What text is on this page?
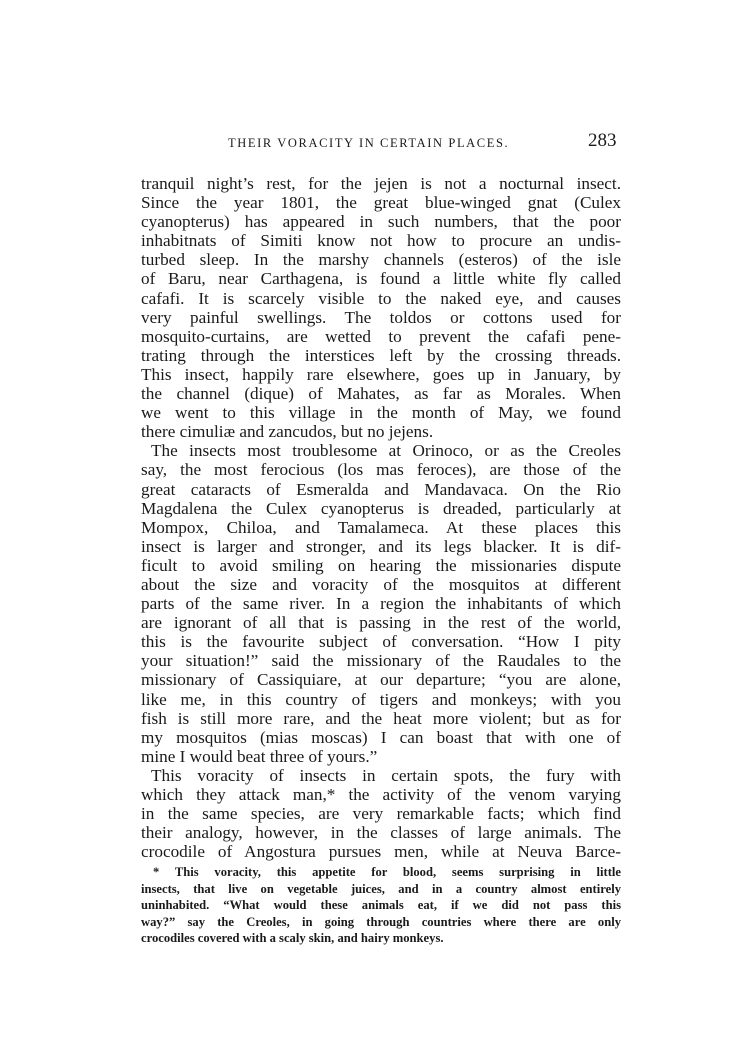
THEIR VORACITY IN CERTAIN PLACES.	283
tranquil night’s rest, for the jejen is not a nocturnal insect.
Since the year 1801, the great blue-winged gnat (Culex
cyanopterus) has appeared in such numbers, that the poor
inhabitnats of Simiti know not how to procure an undis-
turbed sleep. In the marshy channels (esteros) of the isle
of Baru, near Carthagena, is found a little white fly called
cafafi. It is scarcely visible to the naked eye, and causes
very painful swellings. The toldos or cottons used for
mosquito-curtains, are wetted to prevent the cafafi pene-
trating through the interstices left by the crossing threads.
This insect, happily rare elsewhere, goes up in January, by
the channel (dique) of Mahates, as far as Morales. When
we went to this village in the month of May, we found
there cimuliæ and zancudos, but no jejens.
The insects most troublesome at Orinoco, or as the Creoles
say, the most ferocious (los mas feroces), are those of the
great cataracts of Esmeralda and Mandavaca. On the Rio
Magdalena the Culex cyanopterus is dreaded, particularly at
Mompox, Chiloa, and Tamalameca. At these places this
insect is larger and stronger, and its legs blacker. It is dif-
ficult to avoid smiling on hearing the missionaries dispute
about the size and voracity of the mosquitos at different
parts of the same river. In a region the inhabitants of which
are ignorant of all that is passing in the rest of the world,
this is the favourite subject of conversation. “How I pity
your situation!” said the missionary of the Raudales to the
missionary of Cassiquiare, at our departure; “you are alone,
like me, in this country of tigers and monkeys; with you
fish is still more rare, and the heat more violent; but as for
my mosquitos (mias moscas) I can boast that with one of
mine I would beat three of yours.”
This voracity of insects in certain spots, the fury with
which they attack man,* the activity of the venom varying
in the same species, are very remarkable facts; which find
their analogy, however, in the classes of large animals. The
crocodile of Angostura pursues men, while at Neuva Barce-
* This voracity, this appetite for blood, seems surprising in little
insects, that live on vegetable juices, and in a country almost entirely
uninhabited. “What would these animals eat, if we did not pass this
way?” say the Creoles, in going through countries where there are only
crocodiles covered with a scaly skin, and hairy monkeys.
